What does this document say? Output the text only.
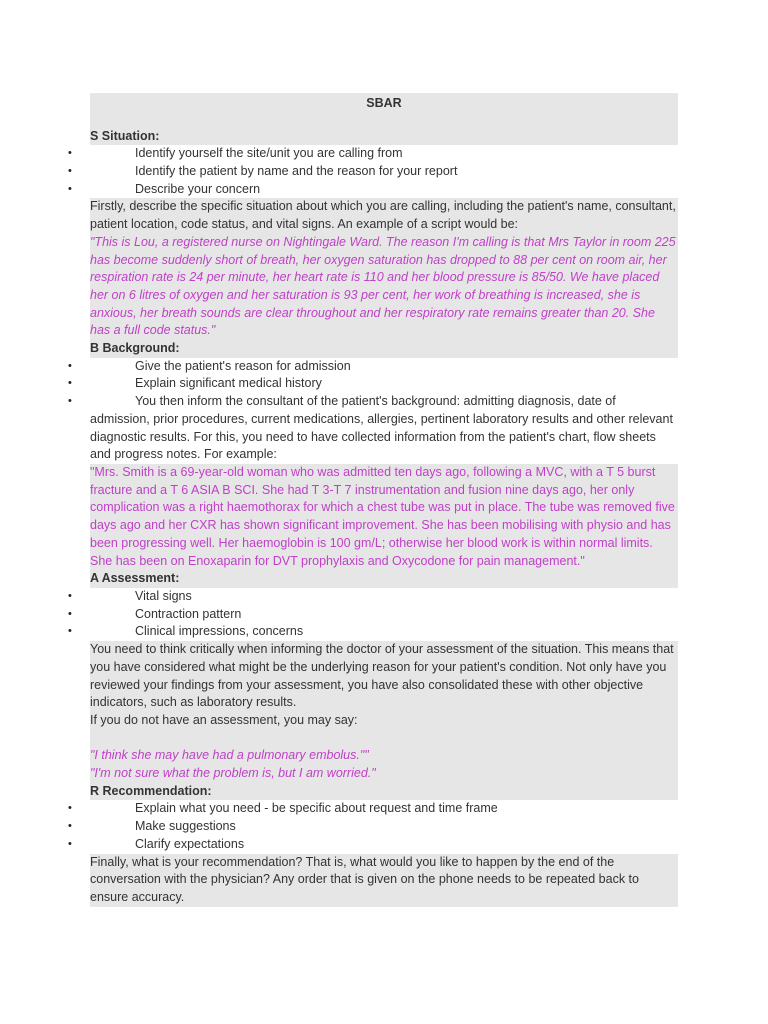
SBAR
S Situation:
•	Identify yourself the site/unit you are calling from
•	Identify the patient by name and the reason for your report
•	Describe your concern
Firstly, describe the specific situation about which you are calling, including the patient's name, consultant, patient location, code status, and vital signs. An example of a script would be:
"This is Lou, a registered nurse on Nightingale Ward. The reason I'm calling is that Mrs Taylor in room 225 has become suddenly short of breath, her oxygen saturation has dropped to 88 per cent on room air, her respiration rate is 24 per minute, her heart rate is 110 and her blood pressure is 85/50. We have placed her on 6 litres of oxygen and her saturation is 93 per cent, her work of breathing is increased, she is anxious, her breath sounds are clear throughout and her respiratory rate remains greater than 20. She has a full code status."
B Background:
•	Give the patient's reason for admission
•	Explain significant medical history
•	You then inform the consultant of the patient's background: admitting diagnosis, date of
admission, prior procedures, current medications, allergies, pertinent laboratory results and other relevant diagnostic results. For this, you need to have collected information from the patient's chart, flow sheets and progress notes. For example:
"Mrs. Smith is a 69-year-old woman who was admitted ten days ago, following a MVC, with a T 5 burst fracture and a T 6 ASIA B SCI. She had T 3-T 7 instrumentation and fusion nine days ago, her only complication was a right haemothorax for which a chest tube was put in place. The tube was removed five days ago and her CXR has shown significant improvement. She has been mobilising with physio and has been progressing well. Her haemoglobin is 100 gm/L; otherwise her blood work is within normal limits. She has been on Enoxaparin for DVT prophylaxis and Oxycodone for pain management."
A Assessment:
•	Vital signs
•	Contraction pattern
•	Clinical impressions, concerns
You need to think critically when informing the doctor of your assessment of the situation. This means that you have considered what might be the underlying reason for your patient's condition. Not only have you reviewed your findings from your assessment, you have also consolidated these with other objective indicators, such as laboratory results.
If you do not have an assessment, you may say:
"I think she may have had a pulmonary embolus.""
"I'm not sure what the problem is, but I am worried."
R Recommendation:
•	Explain what you need - be specific about request and time frame
•	Make suggestions
•	Clarify expectations
Finally, what is your recommendation? That is, what would you like to happen by the end of the conversation with the physician? Any order that is given on the phone needs to be repeated back to ensure accuracy.
